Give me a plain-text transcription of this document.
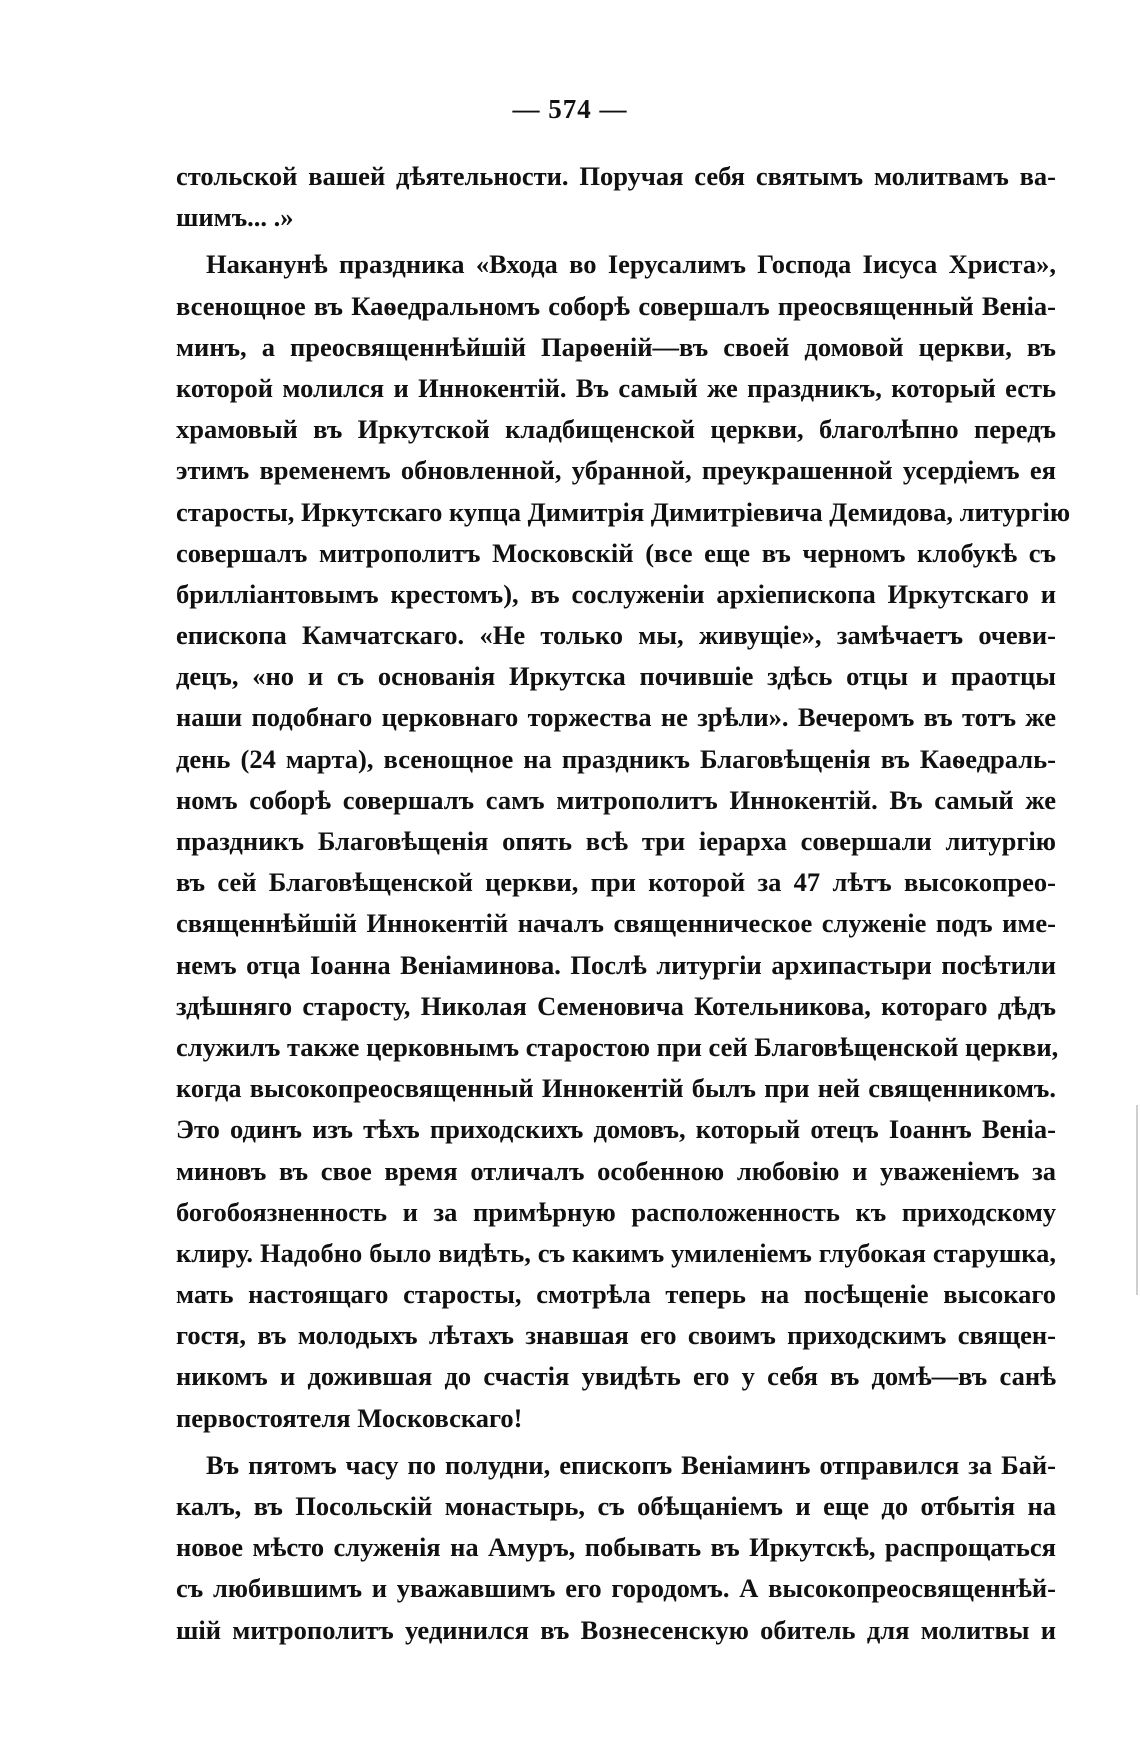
— 574 —
стольской вашей дѣятельности. Поручая себя святымъ молитвамъ ва-
шимъ... .»
Наканунѣ праздника «Входа во Іерусалимъ Господа Іисуса Христа»,
всенощное въ Каѳедральномъ соборѣ совершалъ преосвященный Веніа-
минъ, а преосвященнѣйшій Парѳеній—въ своей домовой церкви, въ
которой молился и Иннокентій. Въ самый же праздникъ, который есть
храмовый въ Иркутской кладбищенской церкви, благолѣпно передъ
этимъ временемъ обновленной, убранной, преукрашенной усердіемъ ея
старосты, Иркутскаго купца Димитрія Димитріевича Демидова, литургію
совершалъ митрополитъ Московскій (все еще въ черномъ клобукѣ съ
бриллiантовымъ крестомъ), въ сослуженіи архіепископа Иркутскаго и
епископа Камчатскаго. «Не только мы, живущіе», замѣчаетъ очеви-
децъ, «но и съ основанія Иркутска почившіе здѣсь отцы и праотцы
наши подобнаго церковнаго торжества не зрѣли». Вечеромъ въ тотъ же
день (24 марта), всенощное на праздникъ Благовѣщенія въ Каѳедраль-
номъ соборѣ совершалъ самъ митрополитъ Иннокентій. Въ самый же
праздникъ Благовѣщенія опять всѣ три іерарха совершали литургію
въ сей Благовѣщенской церкви, при которой за 47 лѣтъ высокопрео-
священнѣйшій Иннокентій началъ священническое служеніе подъ име-
немъ отца Іоанна Веніаминова. Послѣ литургіи архипастыри посѣтили
здѣшняго старосту, Николая Семеновича Котельникова, котораго дѣдъ
служилъ также церковнымъ старостою при сей Благовѣщенской церкви,
когда высокопреосвященный Иннокентій былъ при ней священникомъ.
Это одинъ изъ тѣхъ приходскихъ домовъ, который отецъ Іоаннъ Веніа-
миновъ въ свое время отличалъ особенною любовію и уваженіемъ за
богобоязненность и за примѣрную расположенность къ приходскому
клиру. Надобно было видѣть, съ какимъ умиленіемъ глубокая старушка,
мать настоящаго старосты, смотрѣла теперь на посѣщеніе высокаго
гостя, въ молодыхъ лѣтахъ знавшая его своимъ приходскимъ священ-
никомъ и дожившая до счастія увидѣть его у себя въ домѣ—въ санѣ
первостоятеля Московскаго!
Въ пятомъ часу по полудни, епископъ Веніаминъ отправился за Бай-
калъ, въ Посольскій монастырь, съ обѣщаніемъ и еще до отбытія на
новое мѣсто служенія на Амуръ, побывать въ Иркутскѣ, распрощаться
съ любившимъ и уважавшимъ его городомъ. А высокопреосвященнѣй-
шій митрополитъ уединился въ Вознесенскую обитель для молитвы и
